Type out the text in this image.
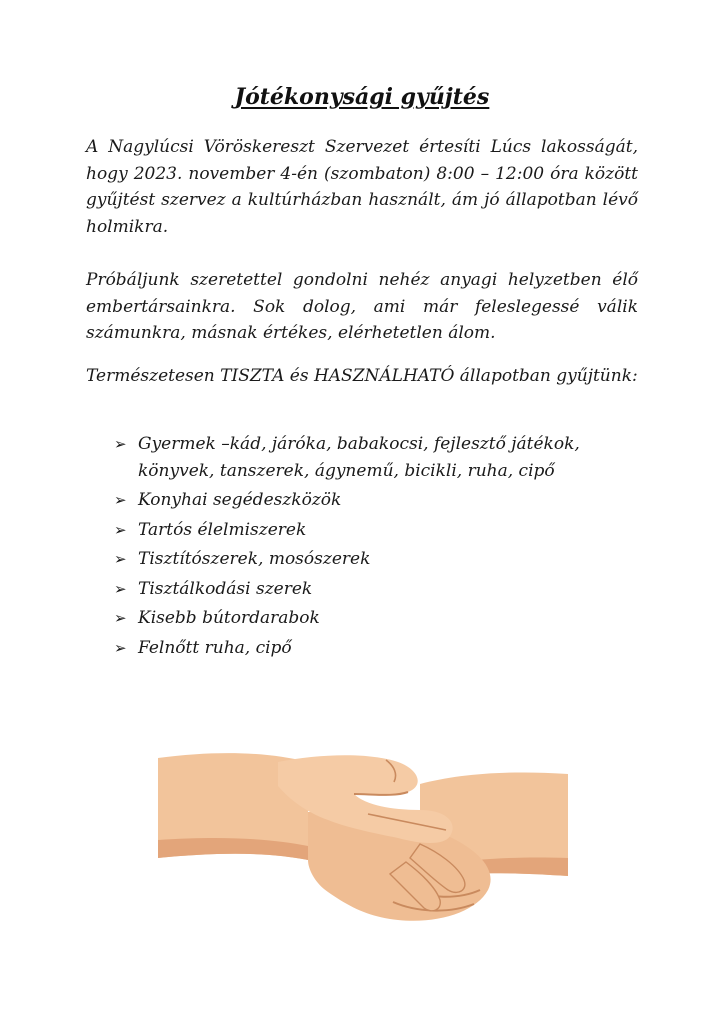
Jótékonysági gyűjtés

A Nagylúcsi Vöröskereszt Szervezet értesíti Lúcs lakosságát, hogy 2023. november 4-én (szombaton) 8:00 – 12:00 óra között gyűjtést szervez a kultúrházban használt, ám jó állapotban lévő holmikra.

Próbáljunk szeretettel gondolni nehéz anyagi helyzetben élő embertársainkra. Sok dolog, ami már feleslegessé válik számunkra, másnak értékes, elérhetetlen álom.

Természetesen TISZTA és HASZNÁLHATÓ állapotban gyűjtünk:

➢ Gyermek –kád, járóka, babakocsi, fejlesztő játékok, könyvek, tanszerek, ágynemű, bicikli, ruha, cipő
➢ Konyhai segédeszközök
➢ Tartós élelmiszerek
➢ Tisztítószerek, mosószerek
➢ Tisztálkodási szerek
➢ Kisebb bútordarabok
➢ Felnőtt ruha, cipő
